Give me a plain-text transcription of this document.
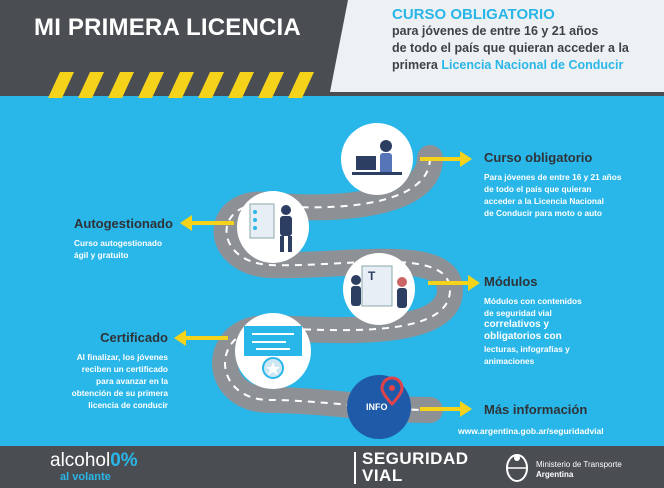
MI PRIMERA LICENCIA	CURSO OBLIGATORIO
para jóvenes de entre 16 y 21 años
de todo el país que quieran acceder a la
primera Licencia Nacional de Conducir
T
INFO
Curso obligatorio
Para jóvenes de entre 16 y 21 años
de todo el país que quieran
acceder a la Licencia Nacional
de Conducir para moto o auto
Autogestionado
Curso autogestionado
ágil y gratuito
Módulos
Módulos con contenidos
de seguridad vial
correlativos y
obligatorios con
lecturas, infografías y
animaciones
Certificado
Al finalizar, los jóvenes
reciben un certificado
para avanzar en la
obtención de su primera
licencia de conducir	Más información
www.argentina.gob.ar/seguridadvial
alcohol0%
al volante
SEGURIDAD
VIAL
Ministerio de Transporte
Argentina
